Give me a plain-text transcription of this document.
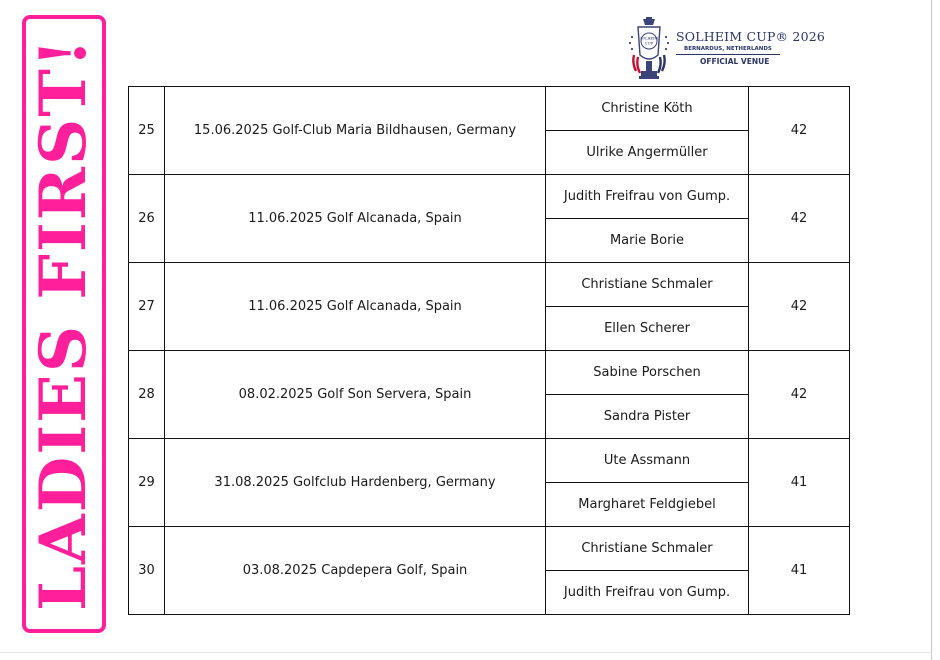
LADIES FIRST!	SOLHEIM
CUP SOLHEIM CUP® 2026
BERNARDUS, NETHERLANDS
OFFICIAL VENUE
25	15.06.2025 Golf-Club Maria Bildhausen, Germany	Christine Köth	42
		Ulrike Angermüller	
26	11.06.2025 Golf Alcanada, Spain	Judith Freifrau von Gump.	42
		Marie Borie	
27	11.06.2025 Golf Alcanada, Spain	Christiane Schmaler	42
		Ellen Scherer	
28	08.02.2025 Golf Son Servera, Spain	Sabine Porschen	42
		Sandra Pister	
29	31.08.2025 Golfclub Hardenberg, Germany	Ute Assmann	41
		Margharet Feldgiebel	
30	03.08.2025 Capdepera Golf, Spain	Christiane Schmaler	41
		Judith Freifrau von Gump.	
